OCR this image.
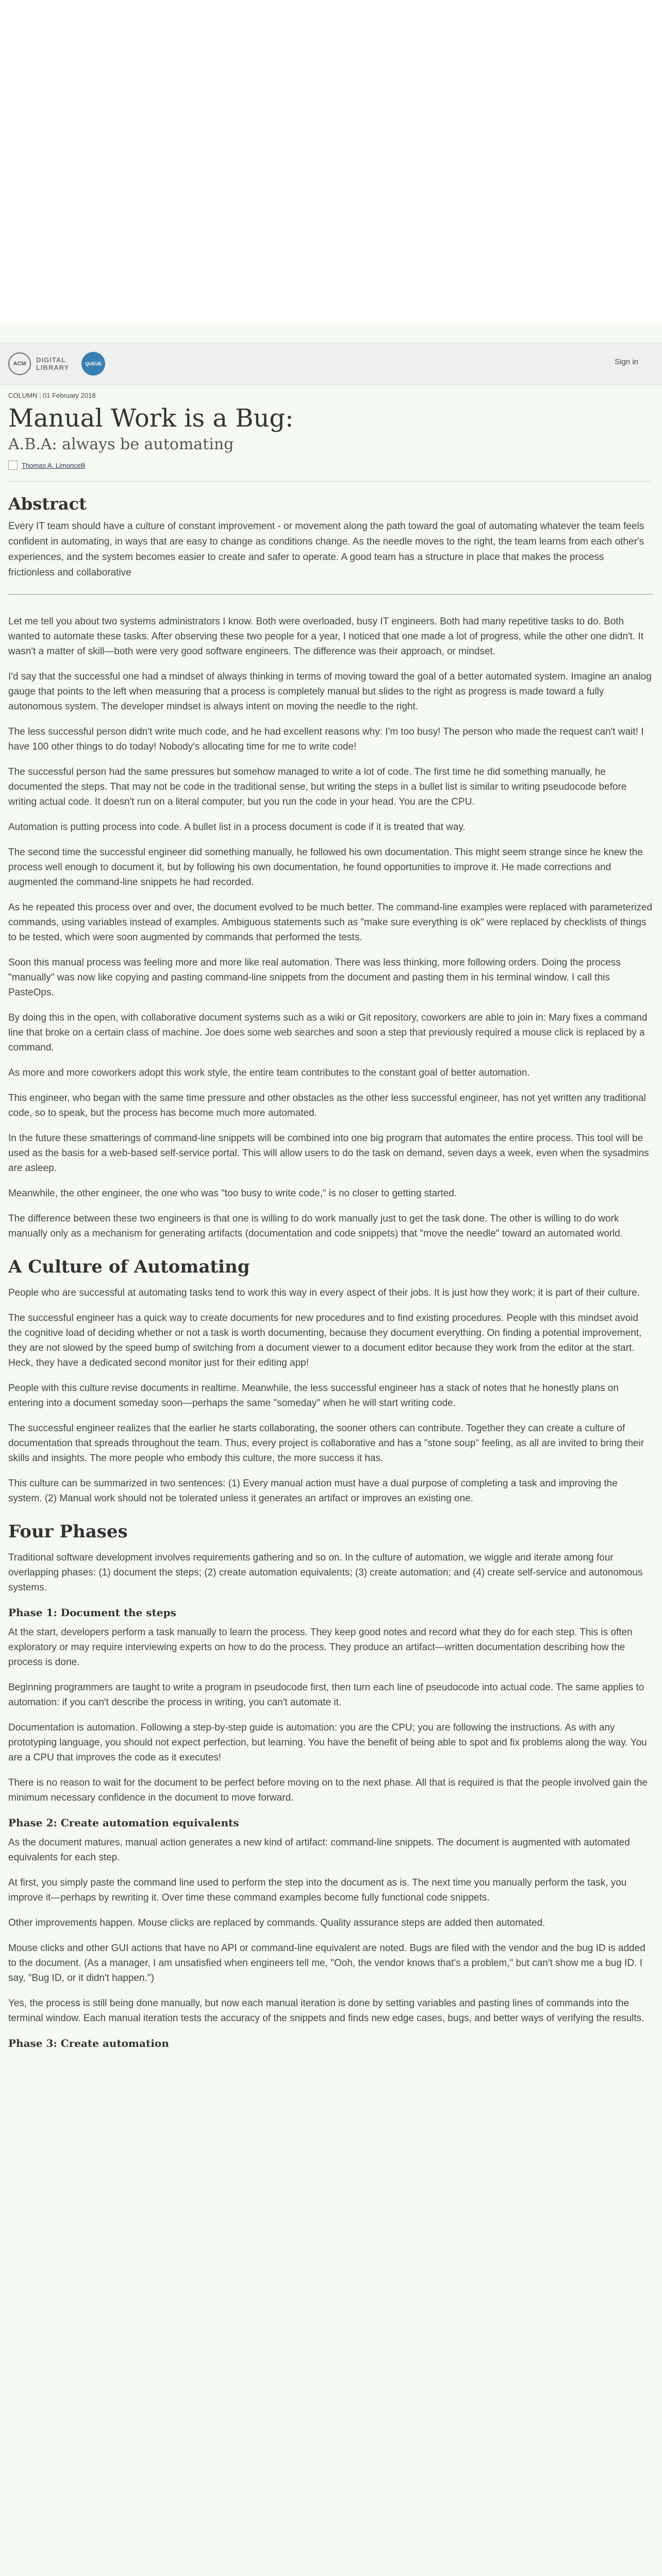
ACM	DIGITAL
LIBRARY	QUEUE	Sign in
COLUMN | 01 February 2018
Manual Work is a Bug:
A.B.A: always be automating
Thomas A. Limoncelli
Abstract

Every IT team should have a culture of constant improvement - or movement along the path toward the goal of automating whatever the team feels confident in automating, in ways that are easy to change as conditions change. As the needle moves to the right, the team learns from each other's experiences, and the system becomes easier to create and safer to operate. A good team has a structure in place that makes the process frictionless and collaborative

Let me tell you about two systems administrators I know. Both were overloaded, busy IT engineers. Both had many repetitive tasks to do. Both wanted to automate these tasks. After observing these two people for a year, I noticed that one made a lot of progress, while the other one didn't. It wasn't a matter of skill—both were very good software engineers. The difference was their approach, or mindset.

I'd say that the successful one had a mindset of always thinking in terms of moving toward the goal of a better automated system. Imagine an analog gauge that points to the left when measuring that a process is completely manual but slides to the right as progress is made toward a fully autonomous system. The developer mindset is always intent on moving the needle to the right.

The less successful person didn't write much code, and he had excellent reasons why: I'm too busy! The person who made the request can't wait! I have 100 other things to do today! Nobody's allocating time for me to write code!

The successful person had the same pressures but somehow managed to write a lot of code. The first time he did something manually, he documented the steps. That may not be code in the traditional sense, but writing the steps in a bullet list is similar to writing pseudocode before writing actual code. It doesn't run on a literal computer, but you run the code in your head. You are the CPU.

Automation is putting process into code. A bullet list in a process document is code if it is treated that way.

The second time the successful engineer did something manually, he followed his own documentation. This might seem strange since he knew the process well enough to document it, but by following his own documentation, he found opportunities to improve it. He made corrections and augmented the command-line snippets he had recorded.

As he repeated this process over and over, the document evolved to be much better. The command-line examples were replaced with parameterized commands, using variables instead of examples. Ambiguous statements such as "make sure everything is ok" were replaced by checklists of things to be tested, which were soon augmented by commands that performed the tests.

Soon this manual process was feeling more and more like real automation. There was less thinking, more following orders. Doing the process "manually" was now like copying and pasting command-line snippets from the document and pasting them in his terminal window. I call this PasteOps.

By doing this in the open, with collaborative document systems such as a wiki or Git repository, coworkers are able to join in: Mary fixes a command line that broke on a certain class of machine. Joe does some web searches and soon a step that previously required a mouse click is replaced by a command.

As more and more coworkers adopt this work style, the entire team contributes to the constant goal of better automation.

This engineer, who began with the same time pressure and other obstacles as the other less successful engineer, has not yet written any traditional code, so to speak, but the process has become much more automated.

In the future these smatterings of command-line snippets will be combined into one big program that automates the entire process. This tool will be used as the basis for a web-based self-service portal. This will allow users to do the task on demand, seven days a week, even when the sysadmins are asleep.

Meanwhile, the other engineer, the one who was "too busy to write code," is no closer to getting started.

The difference between these two engineers is that one is willing to do work manually just to get the task done. The other is willing to do work manually only as a mechanism for generating artifacts (documentation and code snippets) that "move the needle" toward an automated world.

A Culture of Automating

People who are successful at automating tasks tend to work this way in every aspect of their jobs. It is just how they work; it is part of their culture.

The successful engineer has a quick way to create documents for new procedures and to find existing procedures. People with this mindset avoid the cognitive load of deciding whether or not a task is worth documenting, because they document everything. On finding a potential improvement, they are not slowed by the speed bump of switching from a document viewer to a document editor because they work from the editor at the start. Heck, they have a dedicated second monitor just for their editing app!

People with this culture revise documents in realtime. Meanwhile, the less successful engineer has a stack of notes that he honestly plans on entering into a document someday soon—perhaps the same "someday" when he will start writing code.

The successful engineer realizes that the earlier he starts collaborating, the sooner others can contribute. Together they can create a culture of documentation that spreads throughout the team. Thus, every project is collaborative and has a "stone soup" feeling, as all are invited to bring their skills and insights. The more people who embody this culture, the more success it has.

This culture can be summarized in two sentences: (1) Every manual action must have a dual purpose of completing a task and improving the system. (2) Manual work should not be tolerated unless it generates an artifact or improves an existing one.

Four Phases

Traditional software development involves requirements gathering and so on. In the culture of automation, we wiggle and iterate among four overlapping phases: (1) document the steps; (2) create automation equivalents; (3) create automation; and (4) create self-service and autonomous systems.

Phase 1: Document the steps

At the start, developers perform a task manually to learn the process. They keep good notes and record what they do for each step. This is often exploratory or may require interviewing experts on how to do the process. They produce an artifact—written documentation describing how the process is done.

Beginning programmers are taught to write a program in pseudocode first, then turn each line of pseudocode into actual code. The same applies to automation: if you can't describe the process in writing, you can't automate it.

Documentation is automation. Following a step-by-step guide is automation: you are the CPU; you are following the instructions. As with any prototyping language, you should not expect perfection, but learning. You have the benefit of being able to spot and fix problems along the way. You are a CPU that improves the code as it executes!

There is no reason to wait for the document to be perfect before moving on to the next phase. All that is required is that the people involved gain the minimum necessary confidence in the document to move forward.

Phase 2: Create automation equivalents

As the document matures, manual action generates a new kind of artifact: command-line snippets. The document is augmented with automated equivalents for each step.

At first, you simply paste the command line used to perform the step into the document as is. The next time you manually perform the task, you improve it—perhaps by rewriting it. Over time these command examples become fully functional code snippets.

Other improvements happen. Mouse clicks are replaced by commands. Quality assurance steps are added then automated.

Mouse clicks and other GUI actions that have no API or command-line equivalent are noted. Bugs are filed with the vendor and the bug ID is added to the document. (As a manager, I am unsatisfied when engineers tell me, "Ooh, the vendor knows that's a problem," but can't show me a bug ID. I say, "Bug ID, or it didn't happen.")

Yes, the process is still being done manually, but now each manual iteration is done by setting variables and pasting lines of commands into the terminal window. Each manual iteration tests the accuracy of the snippets and finds new edge cases, bugs, and better ways of verifying the results.

Phase 3: Create automation
